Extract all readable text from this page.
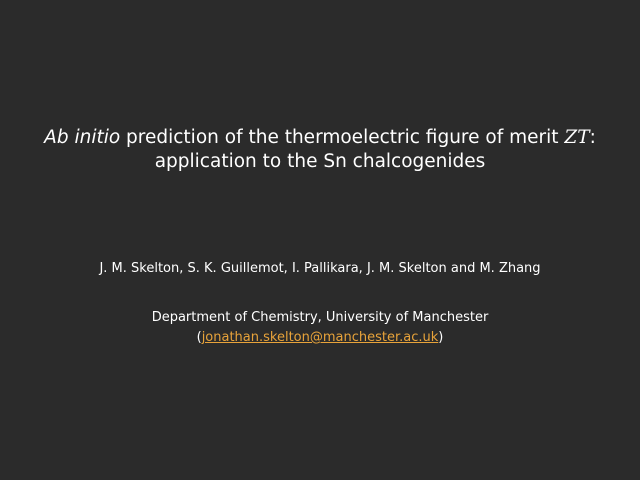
Ab initio prediction of the thermoelectric figure of merit ZT:
application to the Sn chalcogenides
J. M. Skelton, S. K. Guillemot, I. Pallikara, J. M. Skelton and M. Zhang
Department of Chemistry, University of Manchester
(jonathan.skelton@manchester.ac.uk)
